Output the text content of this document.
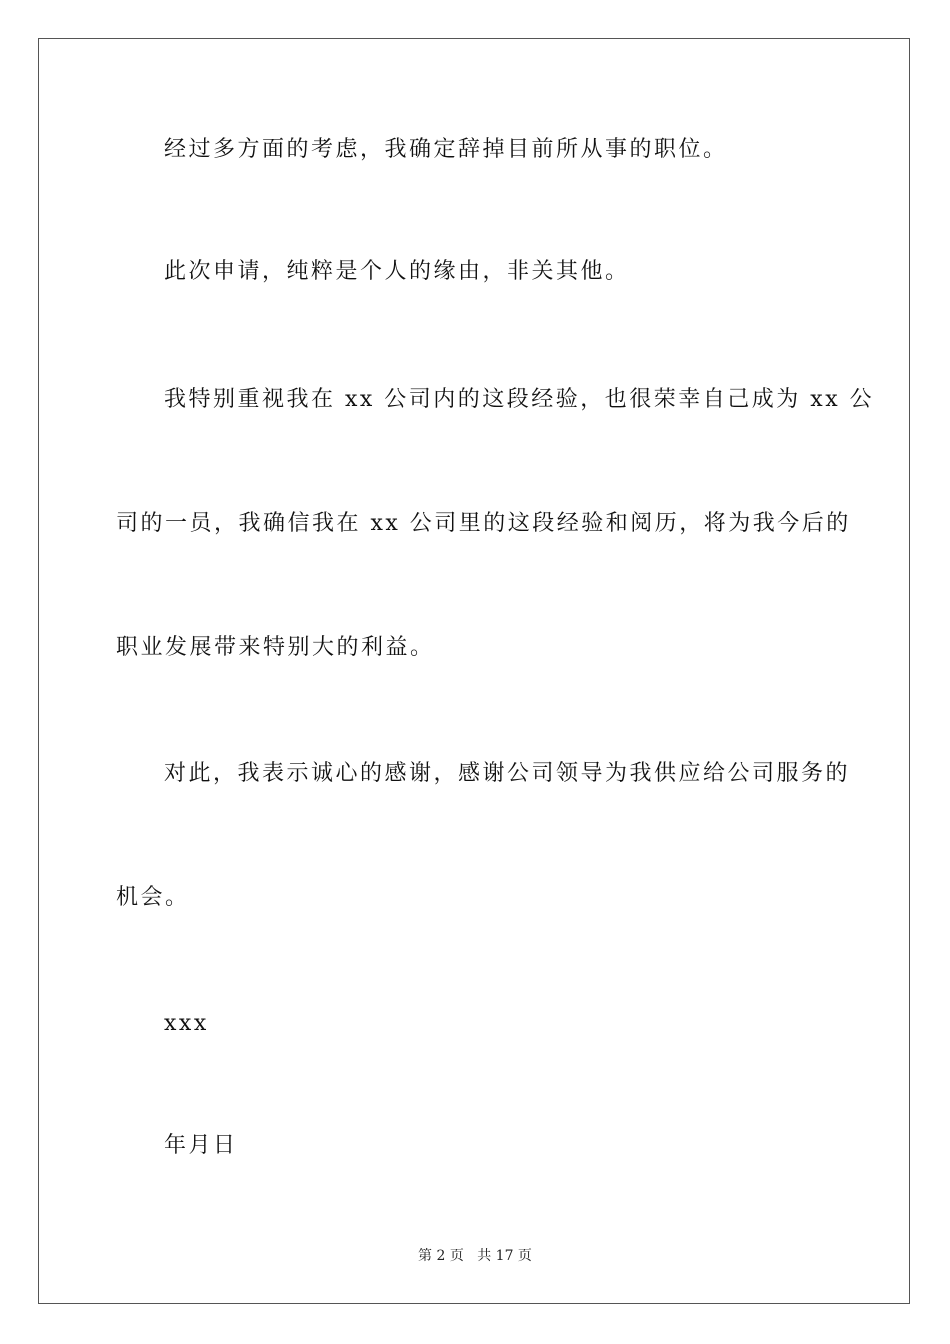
经过多方面的考虑，我确定辞掉目前所从事的职位。
此次申请，纯粹是个人的缘由，非关其他。
我特别重视我在 xx 公司内的这段经验，也很荣幸自己成为 xx 公
司的一员，我确信我在 xx 公司里的这段经验和阅历，将为我今后的
职业发展带来特别大的利益。
对此，我表示诚心的感谢，感谢公司领导为我供应给公司服务的
机会。
xxx
年月日
第 2 页 共 17 页
